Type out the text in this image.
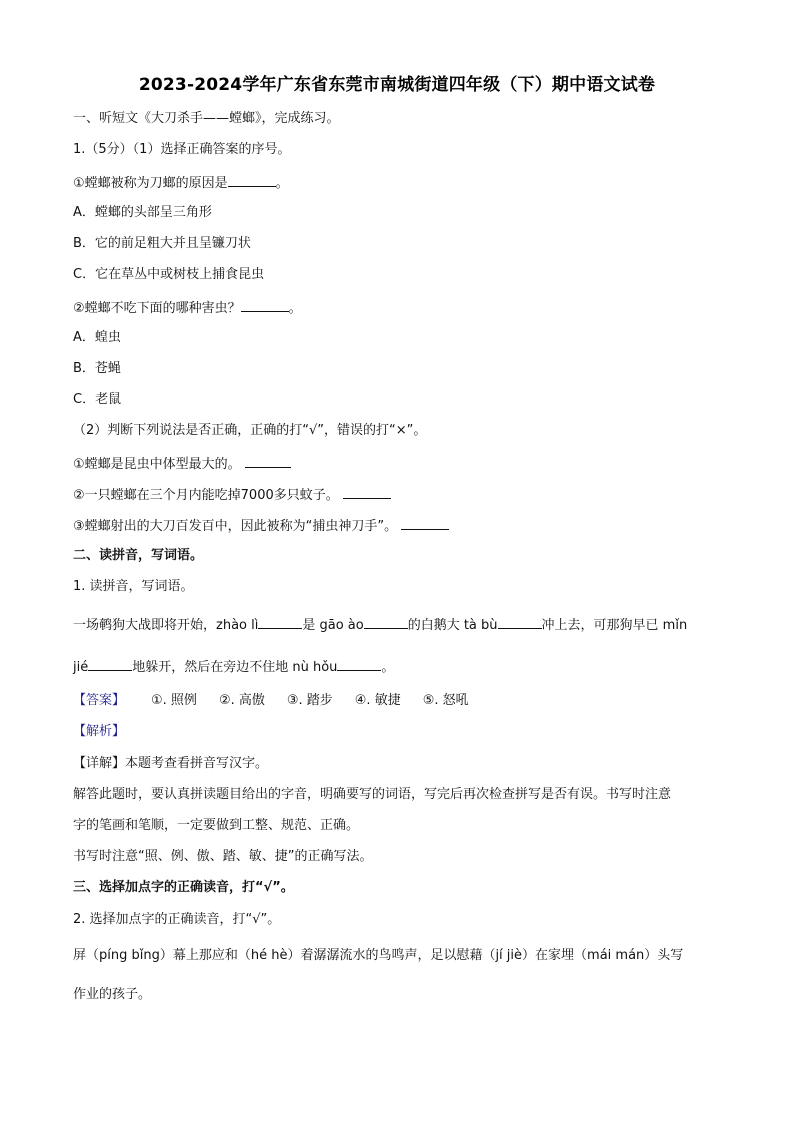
2023-2024学年广东省东莞市南城街道四年级（下）期中语文试卷
一、听短文《大刀杀手——螳螂》，完成练习。
1.（5分）（1）选择正确答案的序号。
①螳螂被称为刀螂的原因是	。
A．螳螂的头部呈三角形
B．它的前足粗大并且呈镰刀状
C．它在草丛中或树枝上捕食昆虫
②螳螂不吃下面的哪种害虫？	。
A．蝗虫
B．苍蝇
C．老鼠
（2）判断下列说法是否正确，正确的打“√”，错误的打“×”。
①螳螂是昆虫中体型最大的。
②一只螳螂在三个月内能吃掉7000多只蚊子。
③螳螂射出的大刀百发百中，因此被称为“捕虫神刀手”。
二、读拼音，写词语。
1. 读拼音，写词语。
一场鹌狗大战即将开始，zhào lì	是 gāo ào	的白鹅大 tà bù	冲上去，可那狗早已 mǐn
jié	地躲开，然后在旁边不住地 nù hǒu	。
【答案】 ①. 照例 ②. 高傲 ③. 踏步 ④. 敏捷 ⑤. 怒吼
【解析】
【详解】本题考查看拼音写汉字。
解答此题时，要认真拼读题目给出的字音，明确要写的词语，写完后再次检查拼写是否有误。书写时注意
字的笔画和笔顺，一定要做到工整、规范、正确。
书写时注意“照、例、傲、踏、敏、捷”的正确写法。
三、选择加点字的正确读音，打“√”。
2. 选择加点字的正确读音，打“√”。
屏（píng bǐng）幕上那应和（hé hè）着潺潺流水的鸟鸣声，足以慰藉（jí jiè）在家埋（mái mán）头写
作业的孩子。
